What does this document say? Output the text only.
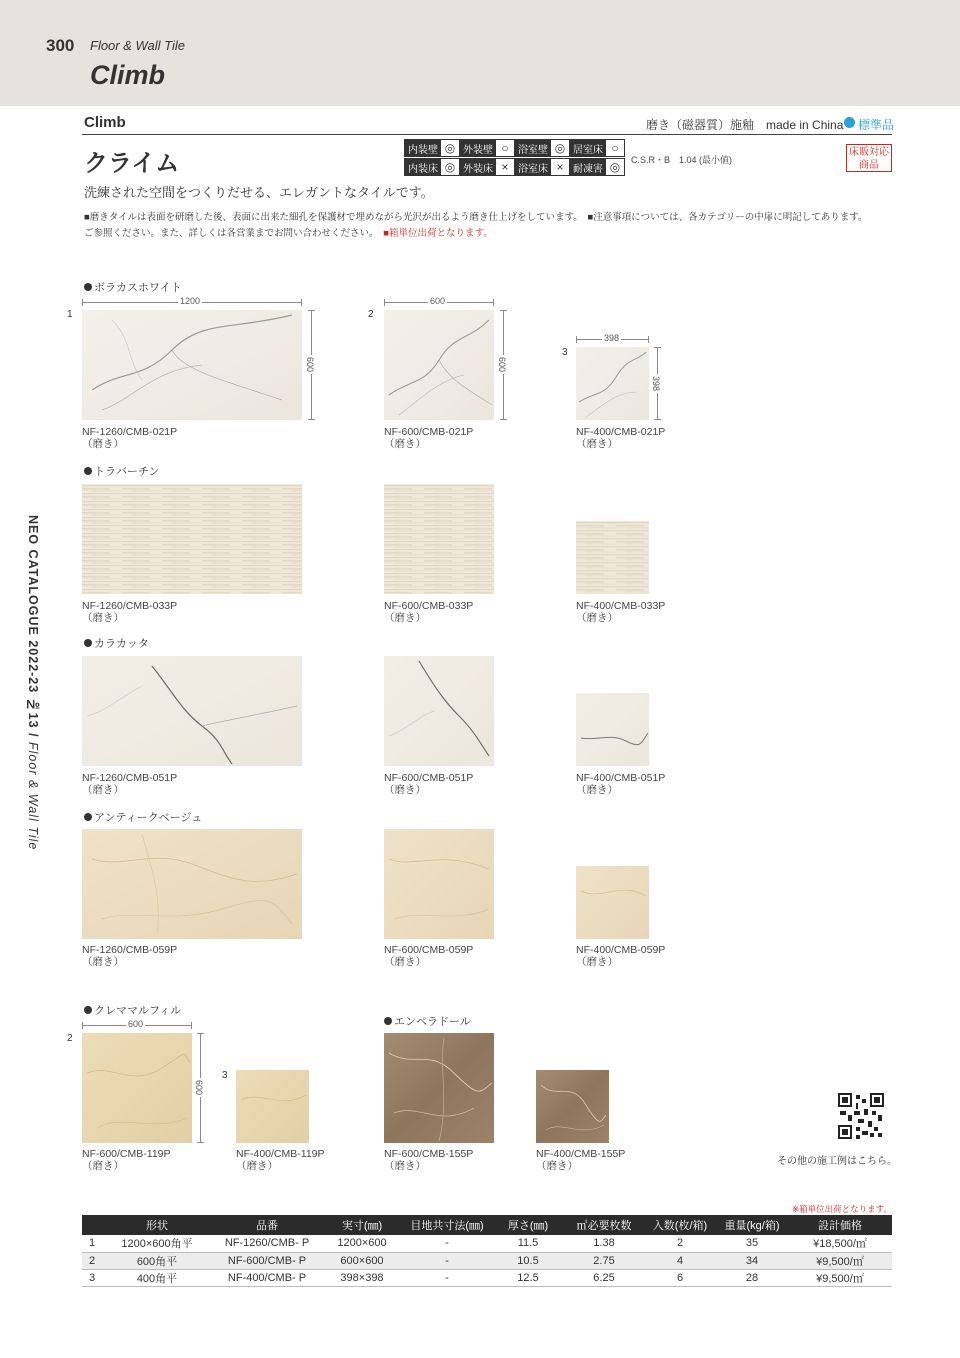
300 Floor & Wall Tile
Climb
Climb	磨き（磁器質）施釉　made in China 標準品
クライム	内装壁 ◎ 外装壁 ○ 浴室壁 ◎ 居室床 ○
内装床 ◎ 外装床 × 浴室床 × 耐凍害 ◎	C.S.R・B　1.04 (最小値)
床販対応
商品
洗練された空間をつくりだせる、エレガントなタイルです。
■磨きタイルは表面を研磨した後、表面に出来た細孔を保護材で埋めながら光沢が出るよう磨き仕上げをしています。　■注意事項については、各カテゴリーの中扉に明記してあります。
ご参照ください。また、詳しくは各営業までお問い合わせください。　 ■箱単位出荷となります。
ボラカスホワイト
1
1200
600
NF-1260/CMB-021P
（磨き）
2
600
600
NF-600/CMB-021P
（磨き）
3
398
398
NF-400/CMB-021P
（磨き）
トラバーチン
NF-1260/CMB-033P
（磨き）
NF-600/CMB-033P
（磨き）
NF-400/CMB-033P
（磨き）
カラカッタ
NF-1260/CMB-051P
（磨き）
NF-600/CMB-051P
（磨き）
NF-400/CMB-051P
（磨き）
アンティークベージュ
NF-1260/CMB-059P
（磨き）
NF-600/CMB-059P
（磨き）
NF-400/CMB-059P
（磨き）
クレママルフィル
2
600
600
NF-600/CMB-119P
（磨き）
3
NF-400/CMB-119P
（磨き）
エンペラドール
NF-600/CMB-155P
（磨き）
NF-400/CMB-155P
（磨き）
NEO CATALOGUE 2022-23 №13 / Floor & Wall Tile
その他の施工例はこちら。
※箱単位出荷となります。
	形状	品番	実寸(㎜)	目地共寸法(㎜)	厚さ(㎜)	㎡必要枚数	入数(枚/箱)	重量(kg/箱)	設計価格
1	1200×600角平	NF-1260/CMB- P	1200×600	-	11.5	1.38	2	35	¥18,500/㎡
2	600角平	NF-600/CMB- P	600×600	-	10.5	2.75	4	34	¥9,500/㎡
3	400角平	NF-400/CMB- P	398×398	-	12.5	6.25	6	28	¥9,500/㎡
